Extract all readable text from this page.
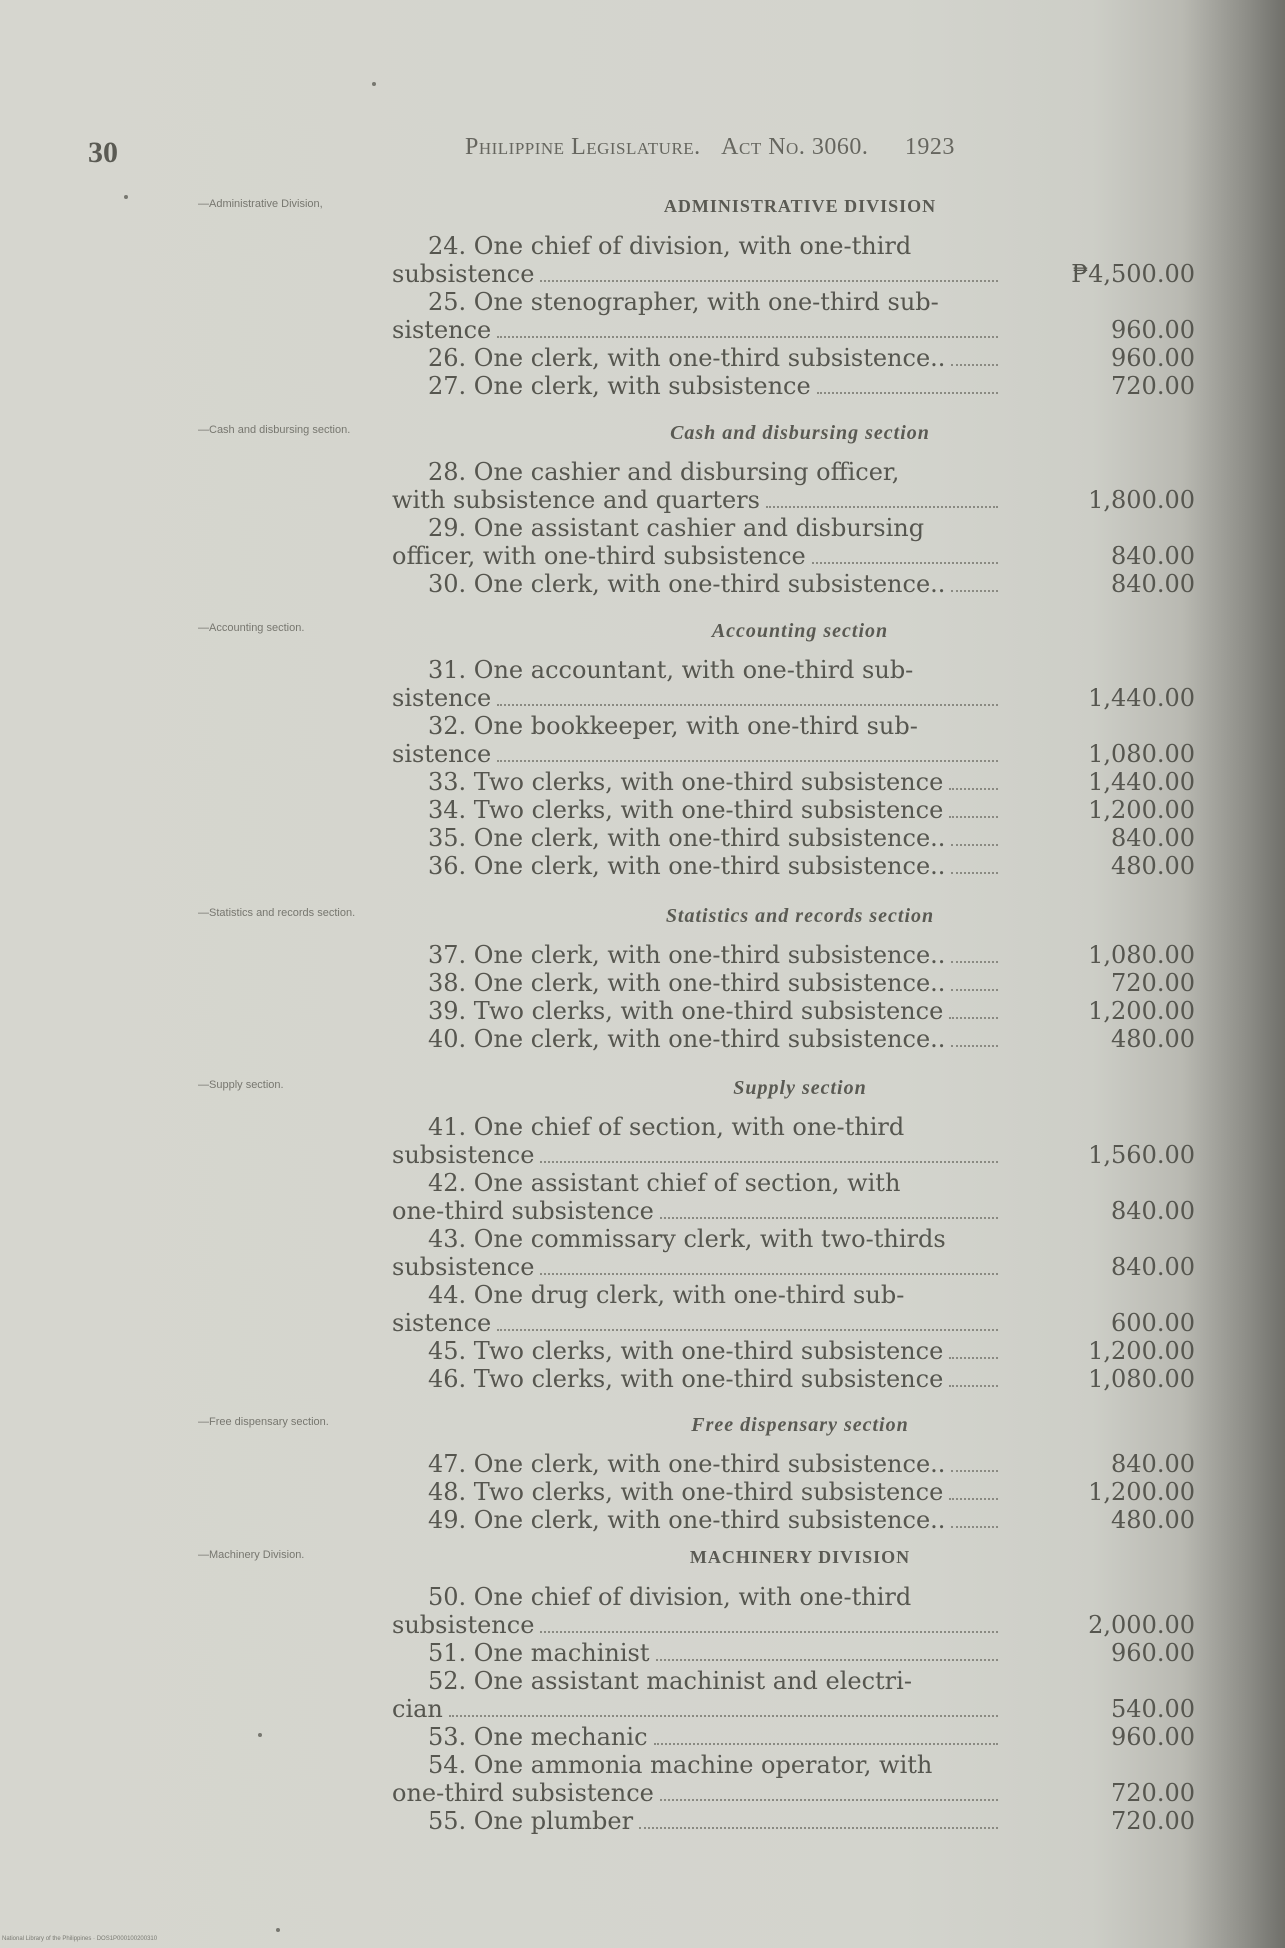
30	Philippine Legislature. Act No. 3060. 1923
ADMINISTRATIVE DIVISION
—Administrative Division,
24. One chief of division, with one-third
subsistence	₱4,500.00
25. One stenographer, with one-third sub-
sistence	960.00
26. One clerk, with one-third subsistence..	960.00
27. One clerk, with subsistence	720.00
Cash and disbursing section
—Cash and disbursing section.
28. One cashier and disbursing officer,
with subsistence and quarters	1,800.00
29. One assistant cashier and disbursing
officer, with one-third subsistence	840.00
30. One clerk, with one-third subsistence..	840.00
Accounting section
—Accounting section.
31. One accountant, with one-third sub-
sistence	1,440.00
32. One bookkeeper, with one-third sub-
sistence	1,080.00
33. Two clerks, with one-third subsistence	1,440.00
34. Two clerks, with one-third subsistence	1,200.00
35. One clerk, with one-third subsistence..	840.00
36. One clerk, with one-third subsistence..	480.00
Statistics and records section
—Statistics and records section.
37. One clerk, with one-third subsistence..	1,080.00
38. One clerk, with one-third subsistence..	720.00
39. Two clerks, with one-third subsistence	1,200.00
40. One clerk, with one-third subsistence..	480.00
Supply section
—Supply section.
41. One chief of section, with one-third
subsistence	1,560.00
42. One assistant chief of section, with
one-third subsistence	840.00
43. One commissary clerk, with two-thirds
subsistence	840.00
44. One drug clerk, with one-third sub-
sistence	600.00
45. Two clerks, with one-third subsistence	1,200.00
46. Two clerks, with one-third subsistence	1,080.00
Free dispensary section
—Free dispensary section.
47. One clerk, with one-third subsistence..	840.00
48. Two clerks, with one-third subsistence	1,200.00
49. One clerk, with one-third subsistence..	480.00
MACHINERY DIVISION
—Machinery Division.
50. One chief of division, with one-third
subsistence	2,000.00
51. One machinist	960.00
52. One assistant machinist and electri-
cian	540.00
53. One mechanic	960.00
54. One ammonia machine operator, with
one-third subsistence	720.00
55. One plumber	720.00
National Library of the Philippines · DOS1P000100200310
